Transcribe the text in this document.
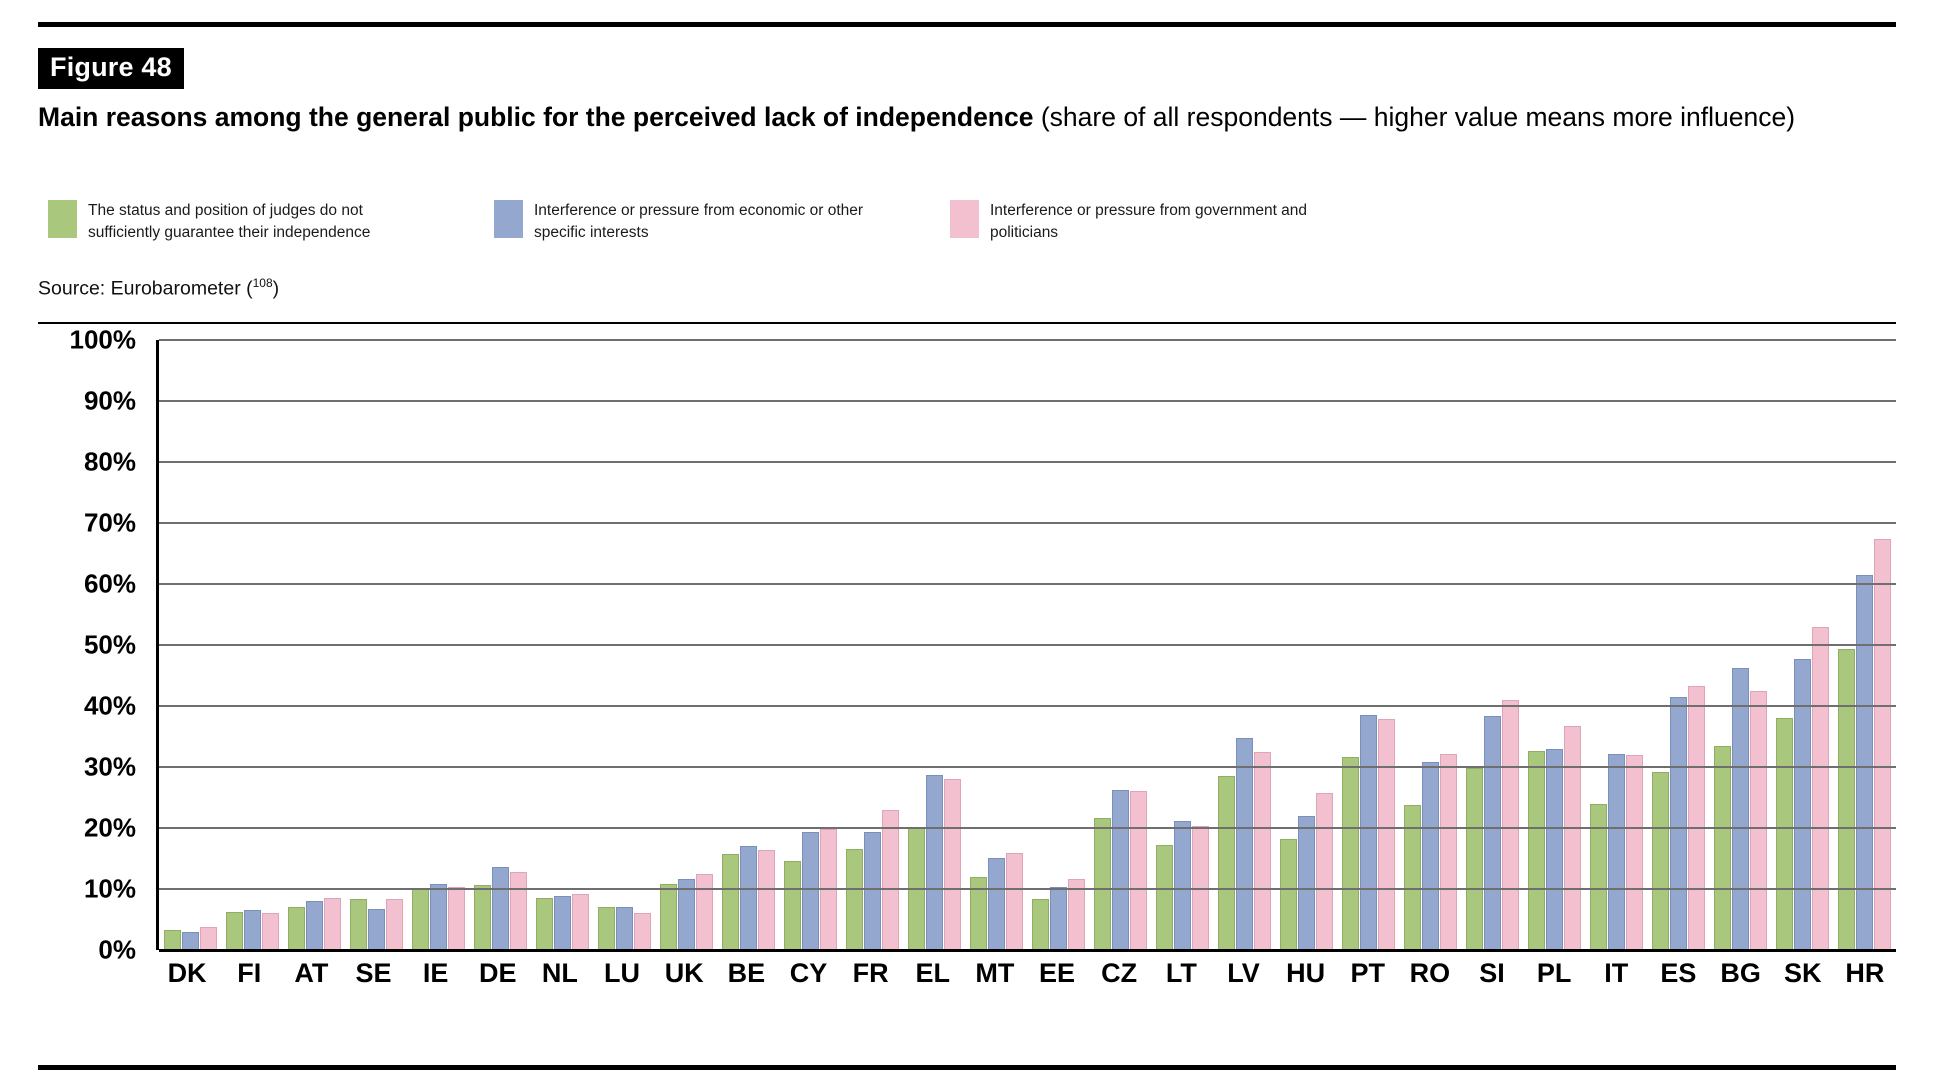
Figure 48
Main reasons among the general public for the perceived lack of independence (share of all respondents — higher value means more influence)
The status and position of judges do not sufficiently guarantee their independence
Interference or pressure from economic or other specific interests
Interference or pressure from government and politicians
Source: Eurobarometer ($^{108}$)
0%
10%
20%
30%
40%
50%
60%
70%
80%
90%
100%
DK	FI	AT	SE	IE	DE NL LU UK BE CY FR EL MT EE CZ	LT	LV HU PT RO	SI	PL	IT	ES BG SK HR
